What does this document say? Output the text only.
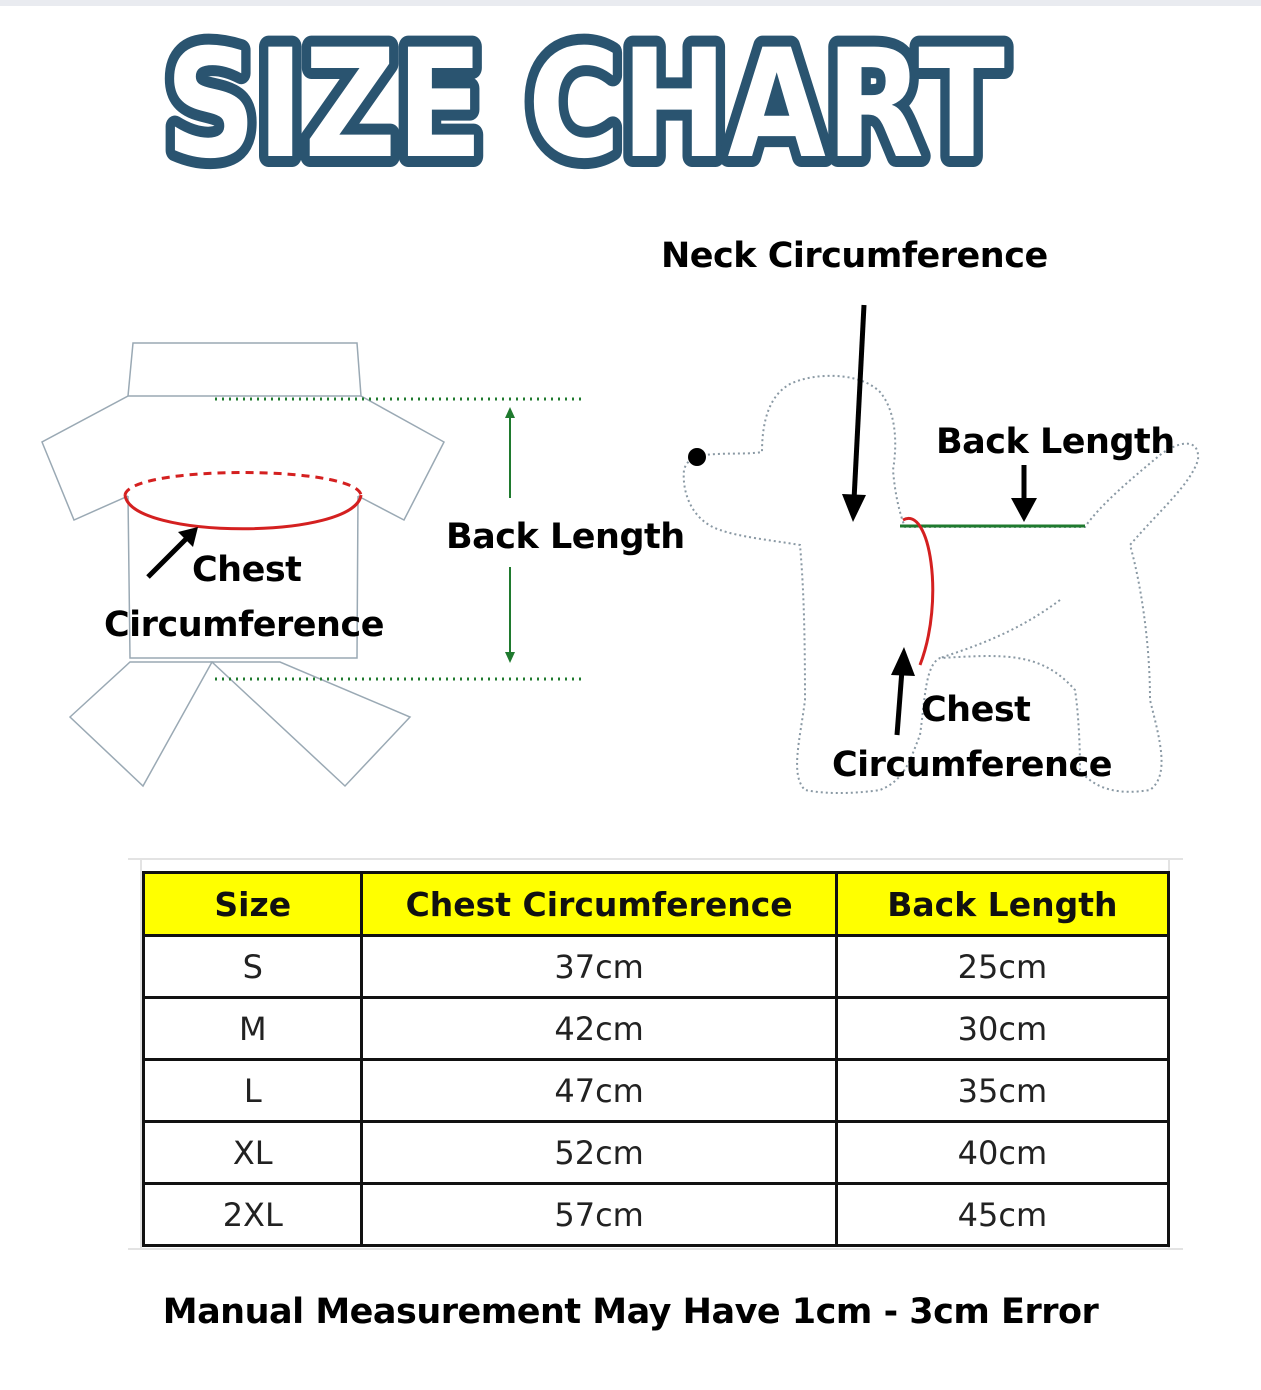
SIZE CHART
SIZE CHART
Neck Circumference
Back Length
Back Length
Chest
Circumference
Chest
Circumference
Size	Chest Circumference	Back Length
S	37cm	25cm
M	42cm	30cm
L	47cm	35cm
XL	52cm	40cm
2XL	57cm	45cm
Manual Measurement May Have 1cm - 3cm Error
